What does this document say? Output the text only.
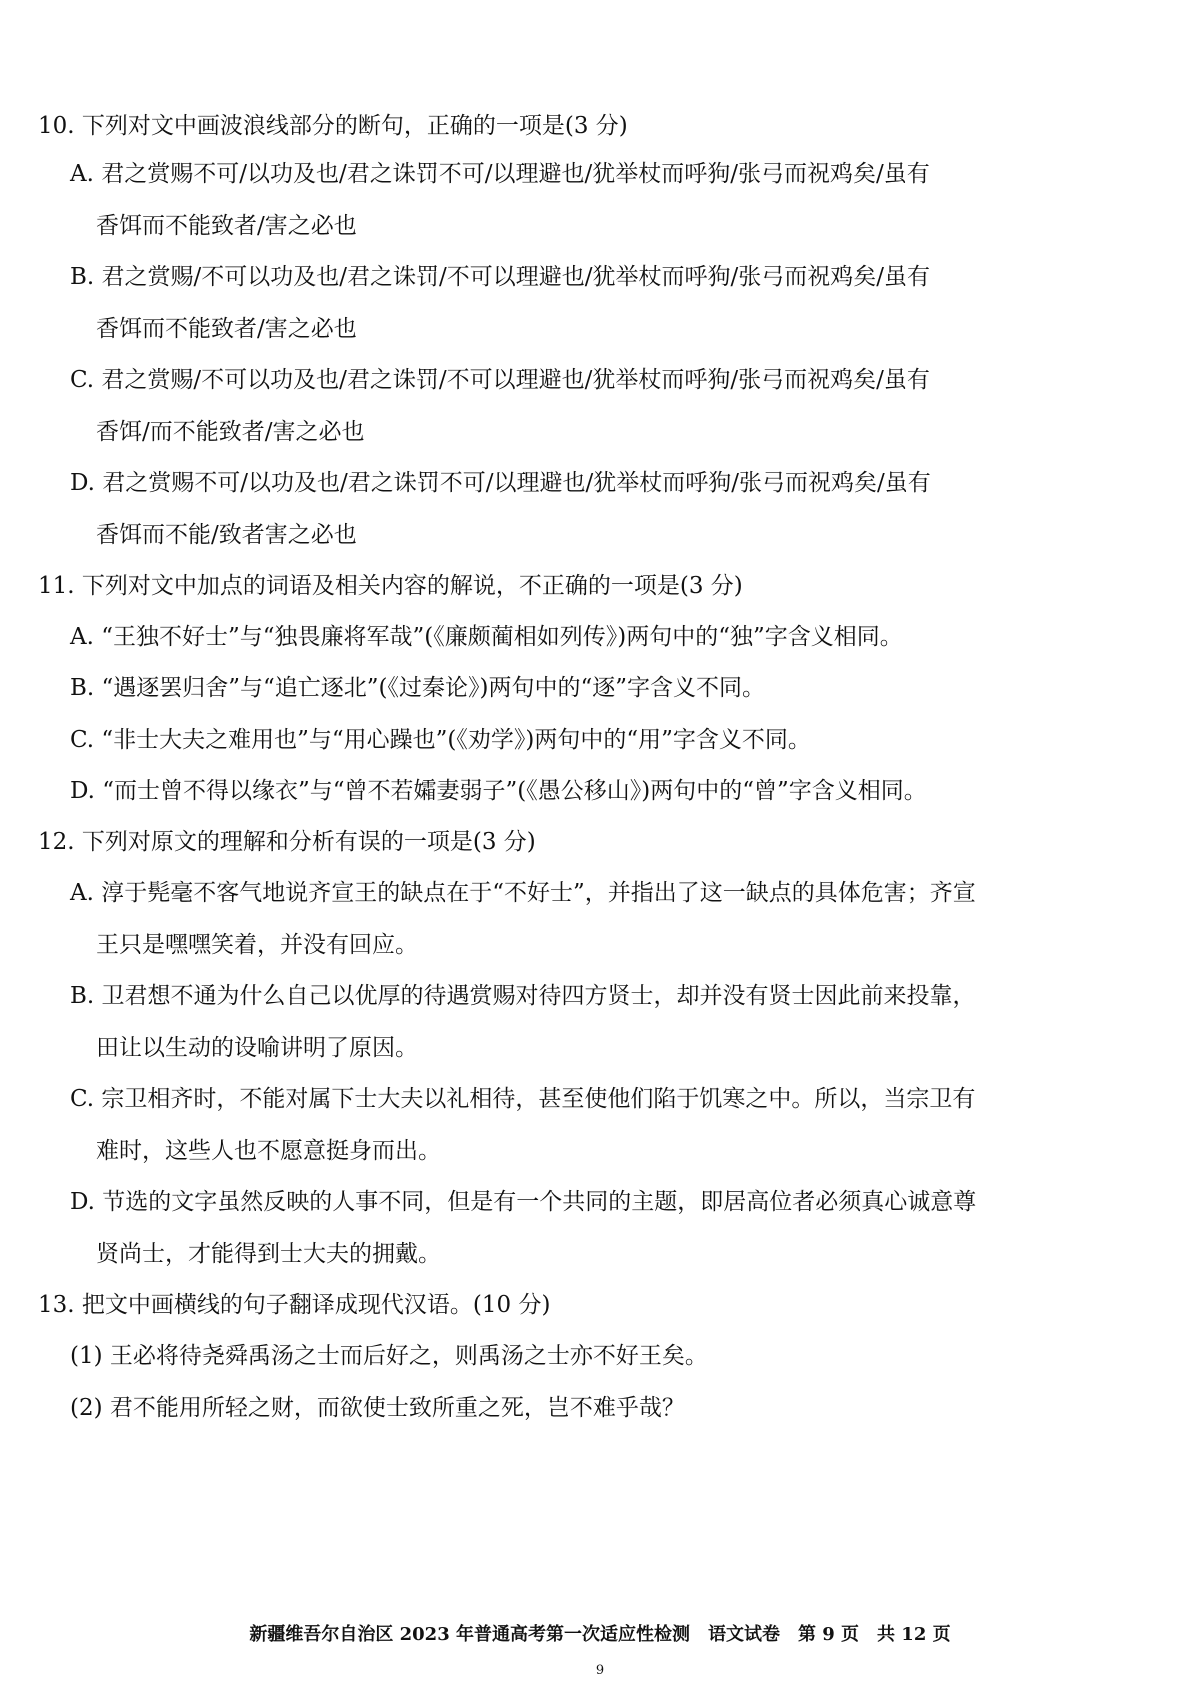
10. 下列对文中画波浪线部分的断句，正确的一项是(3 分)
A. 君之赏赐不可/以功及也/君之诛罚不可/以理避也/犹举杖而呼狗/张弓而祝鸡矣/虽有
香饵而不能致者/害之必也
B. 君之赏赐/不可以功及也/君之诛罚/不可以理避也/犹举杖而呼狗/张弓而祝鸡矣/虽有
香饵而不能致者/害之必也
C. 君之赏赐/不可以功及也/君之诛罚/不可以理避也/犹举杖而呼狗/张弓而祝鸡矣/虽有
香饵/而不能致者/害之必也
D. 君之赏赐不可/以功及也/君之诛罚不可/以理避也/犹举杖而呼狗/张弓而祝鸡矣/虽有
香饵而不能/致者害之必也
11. 下列对文中加点的词语及相关内容的解说，不正确的一项是(3 分)
A. “王独不好士”与“独畏廉将军哉”(《廉颇蔺相如列传》)两句中的“独”字含义相同。
B. “遇逐罢归舍”与“追亡逐北”(《过秦论》)两句中的“逐”字含义不同。
C. “非士大夫之难用也”与“用心躁也”(《劝学》)两句中的“用”字含义不同。
D. “而士曾不得以缘衣”与“曾不若孀妻弱子”(《愚公移山》)两句中的“曾”字含义相同。
12. 下列对原文的理解和分析有误的一项是(3 分)
A. 淳于髡毫不客气地说齐宣王的缺点在于“不好士”，并指出了这一缺点的具体危害；齐宣
王只是嘿嘿笑着，并没有回应。
B. 卫君想不通为什么自己以优厚的待遇赏赐对待四方贤士，却并没有贤士因此前来投靠，
田让以生动的设喻讲明了原因。
C. 宗卫相齐时，不能对属下士大夫以礼相待，甚至使他们陷于饥寒之中。所以，当宗卫有
难时，这些人也不愿意挺身而出。
D. 节选的文字虽然反映的人事不同，但是有一个共同的主题，即居高位者必须真心诚意尊
贤尚士，才能得到士大夫的拥戴。
13. 把文中画横线的句子翻译成现代汉语。(10 分)
(1) 王必将待尧舜禹汤之士而后好之，则禹汤之士亦不好王矣。
(2) 君不能用所轻之财，而欲使士致所重之死，岂不难乎哉？
新疆维吾尔自治区 2023 年普通高考第一次适应性检测　语文试卷　第 9 页　共 12 页
9
